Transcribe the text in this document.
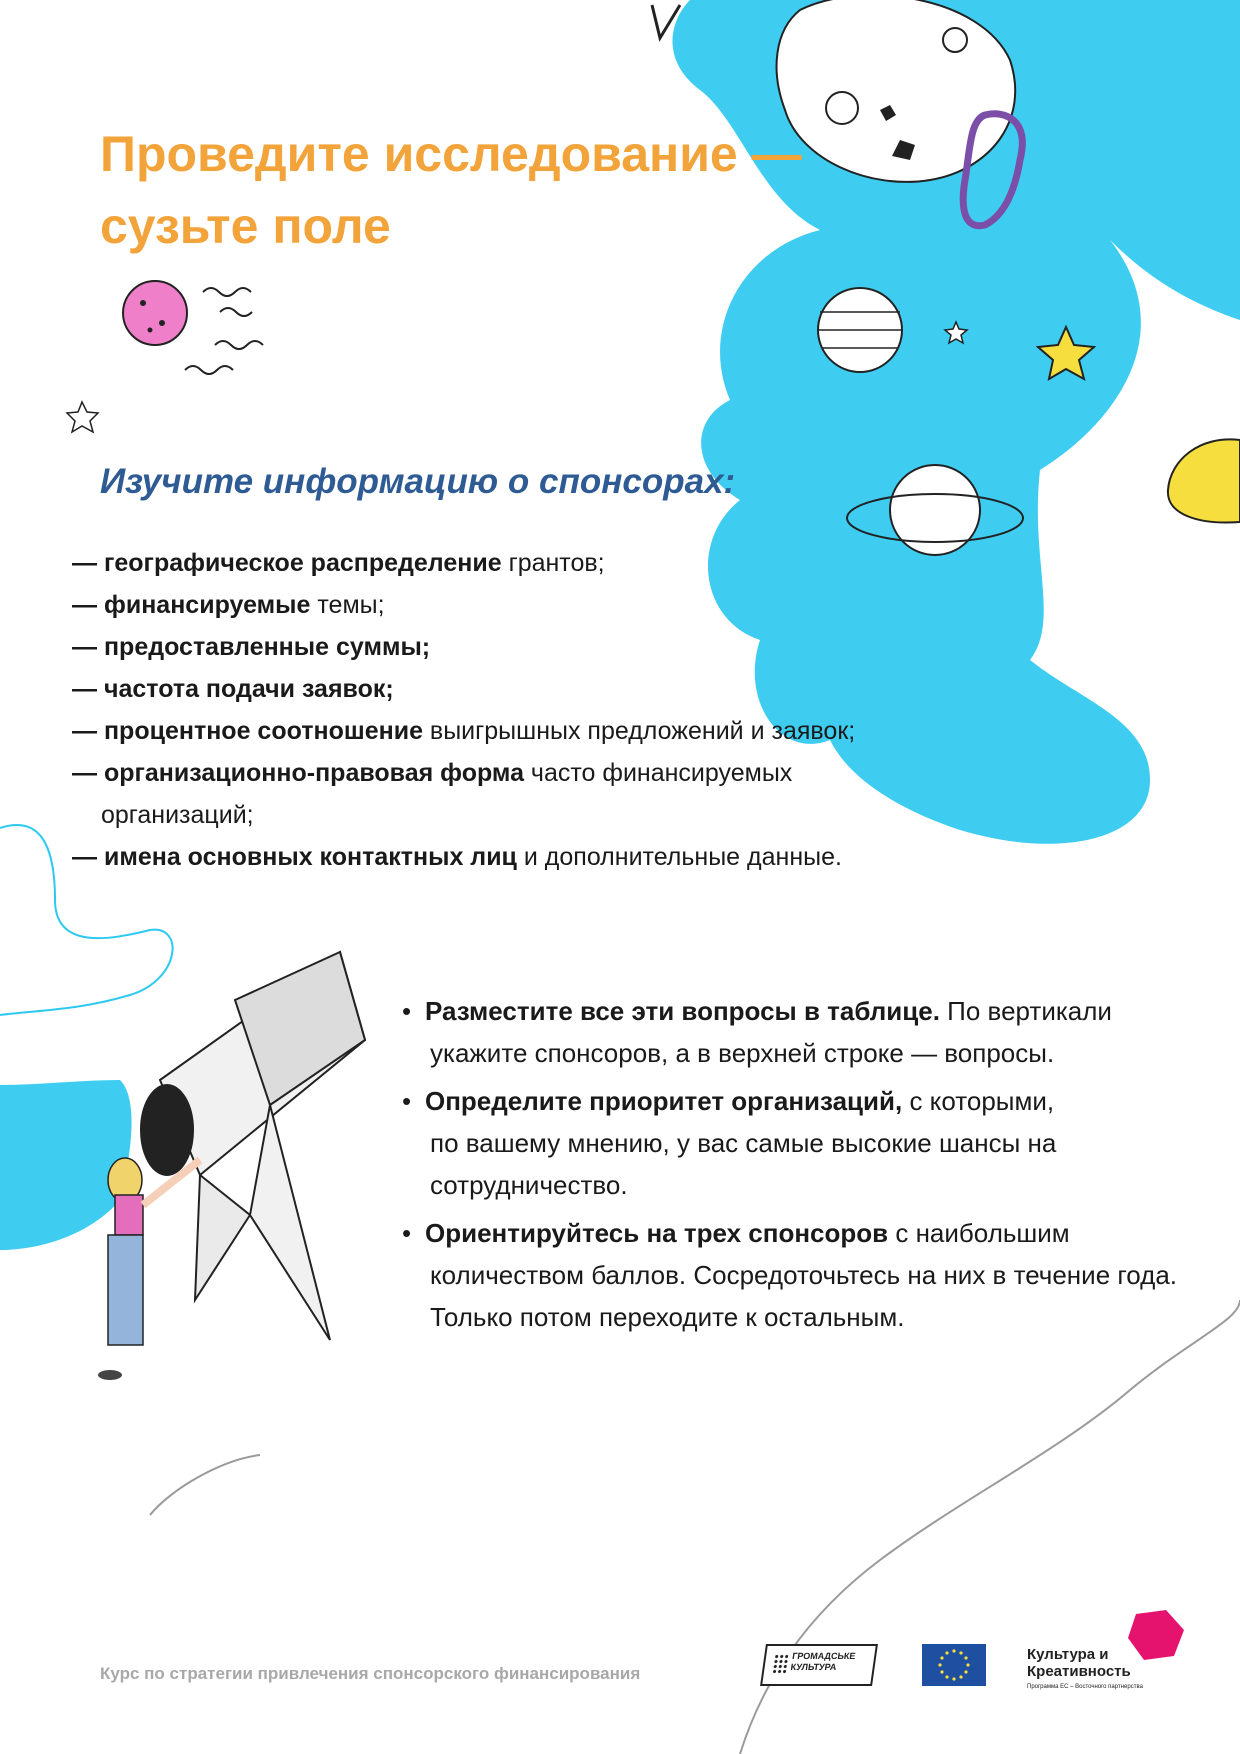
Проведите исследование —
сузьте поле
Изучите информацию о спонсорах:
— географическое распределение грантов;
— финансируемые темы;
— предоставленные суммы;
— частота подачи заявок;
— процентное соотношение выигрышных предложений и заявок;
— организационно-правовая форма часто финансируемых
организаций;
— имена основных контактных лиц и дополнительные данные.
• Разместите все эти вопросы в таблице. По вертикали
укажите спонсоров, а в верхней строке — вопросы.
• Определите приоритет организаций, с которыми,
по вашему мнению, у вас самые высокие шансы на сотрудничество.
• Ориентируйтесь на трех спонсоров с наибольшим
количеством баллов. Сосредоточьтесь на них в течение года. Только потом переходите к остальным.
Курс по стратегии привлечения спонсорского финансирования
ГРОМАДСЬКЕ
КУЛЬТУРА
Культура и
Креативность
Программа ЕС – Восточного партнерства
